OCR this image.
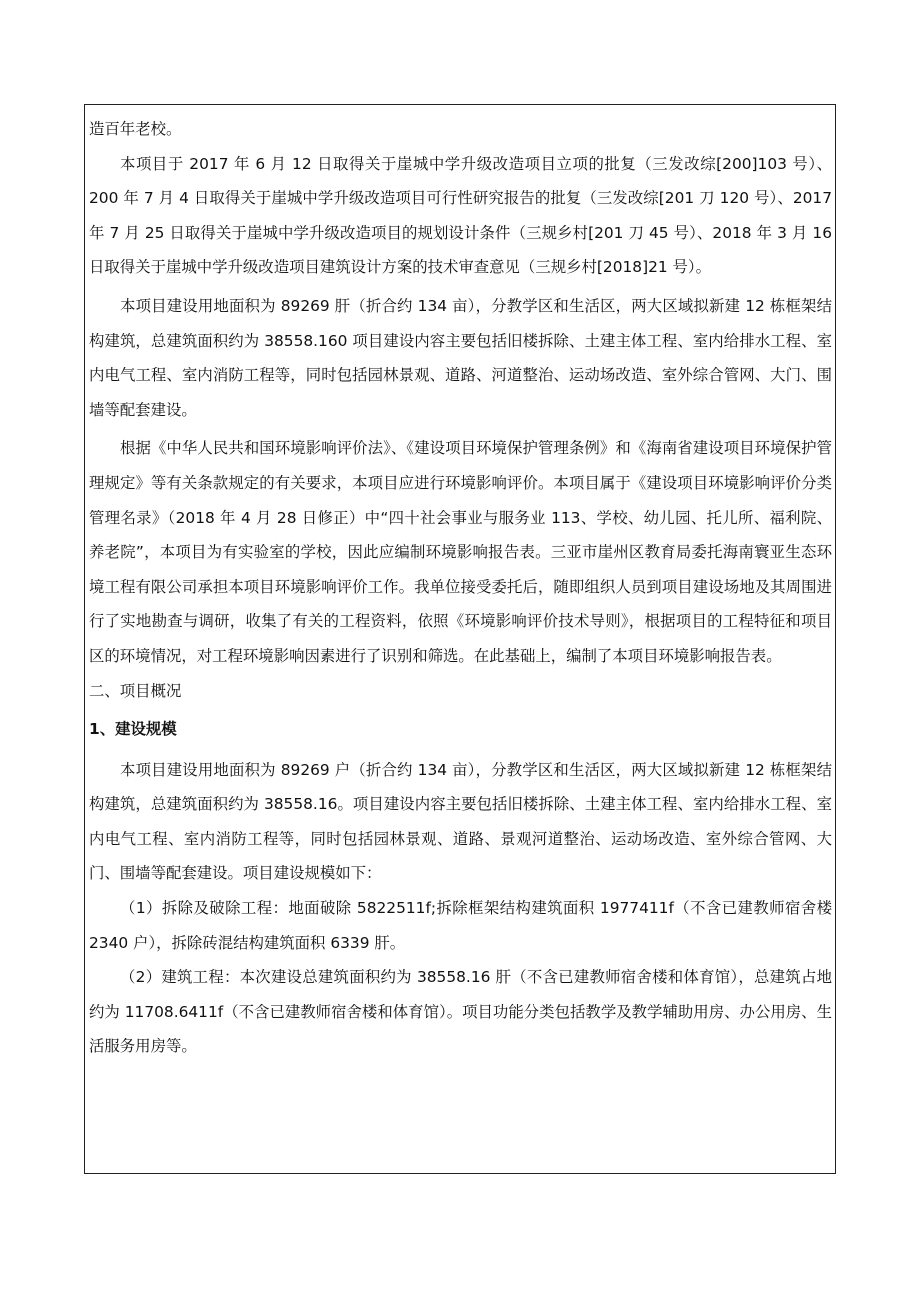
造百年老校。

本项目于 2017 年 6 月 12 日取得关于崖城中学升级改造项目立项的批复（三发改综[200]103 号）、200 年 7 月 4 日取得关于崖城中学升级改造项目可行性研究报告的批复（三发改综[201 刀 120 号）、2017 年 7 月 25 日取得关于崖城中学升级改造项目的规划设计条件（三规乡村[201 刀 45 号）、2018 年 3 月 16 日取得关于崖城中学升级改造项目建筑设计方案的技术审查意见（三规乡村[2018]21 号）。

本项目建设用地面积为 89269 肝（折合约 134 亩），分教学区和生活区，两大区域拟新建 12 栋框架结构建筑，总建筑面积约为 38558.160 项目建设内容主要包括旧楼拆除、土建主体工程、室内给排水工程、室内电气工程、室内消防工程等，同时包括园林景观、道路、河道整治、运动场改造、室外综合管网、大门、围墙等配套建设。

根据《中华人民共和国环境影响评价法》、《建设项目环境保护管理条例》和《海南省建设项目环境保护管理规定》等有关条款规定的有关要求，本项目应进行环境影响评价。本项目属于《建设项目环境影响评价分类管理名录》（2018 年 4 月 28 日修正）中“四十社会事业与服务业 113、学校、幼儿园、托儿所、福利院、养老院”，本项目为有实验室的学校，因此应编制环境影响报告表。三亚市崖州区教育局委托海南寰亚生态环境工程有限公司承担本项目环境影响评价工作。我单位接受委托后，随即组织人员到项目建设场地及其周围进行了实地勘查与调研，收集了有关的工程资料，依照《环境影响评价技术导则》，根据项目的工程特征和项目区的环境情况，对工程环境影响因素进行了识别和筛选。在此基础上，编制了本项目环境影响报告表。

二、项目概况

1、建设规模

本项目建设用地面积为 89269 户（折合约 134 亩），分教学区和生活区，两大区域拟新建 12 栋框架结构建筑，总建筑面积约为 38558.16。项目建设内容主要包括旧楼拆除、土建主体工程、室内给排水工程、室内电气工程、室内消防工程等，同时包括园林景观、道路、景观河道整治、运动场改造、室外综合管网、大门、围墙等配套建设。项目建设规模如下：

（1）拆除及破除工程：地面破除 5822511f;拆除框架结构建筑面积 1977411f（不含已建教师宿舍楼 2340 户），拆除砖混结构建筑面积 6339 肝。

（2）建筑工程：本次建设总建筑面积约为 38558.16 肝（不含已建教师宿舍楼和体育馆），总建筑占地约为 11708.6411f（不含已建教师宿舍楼和体育馆）。项目功能分类包括教学及教学辅助用房、办公用房、生活服务用房等。
